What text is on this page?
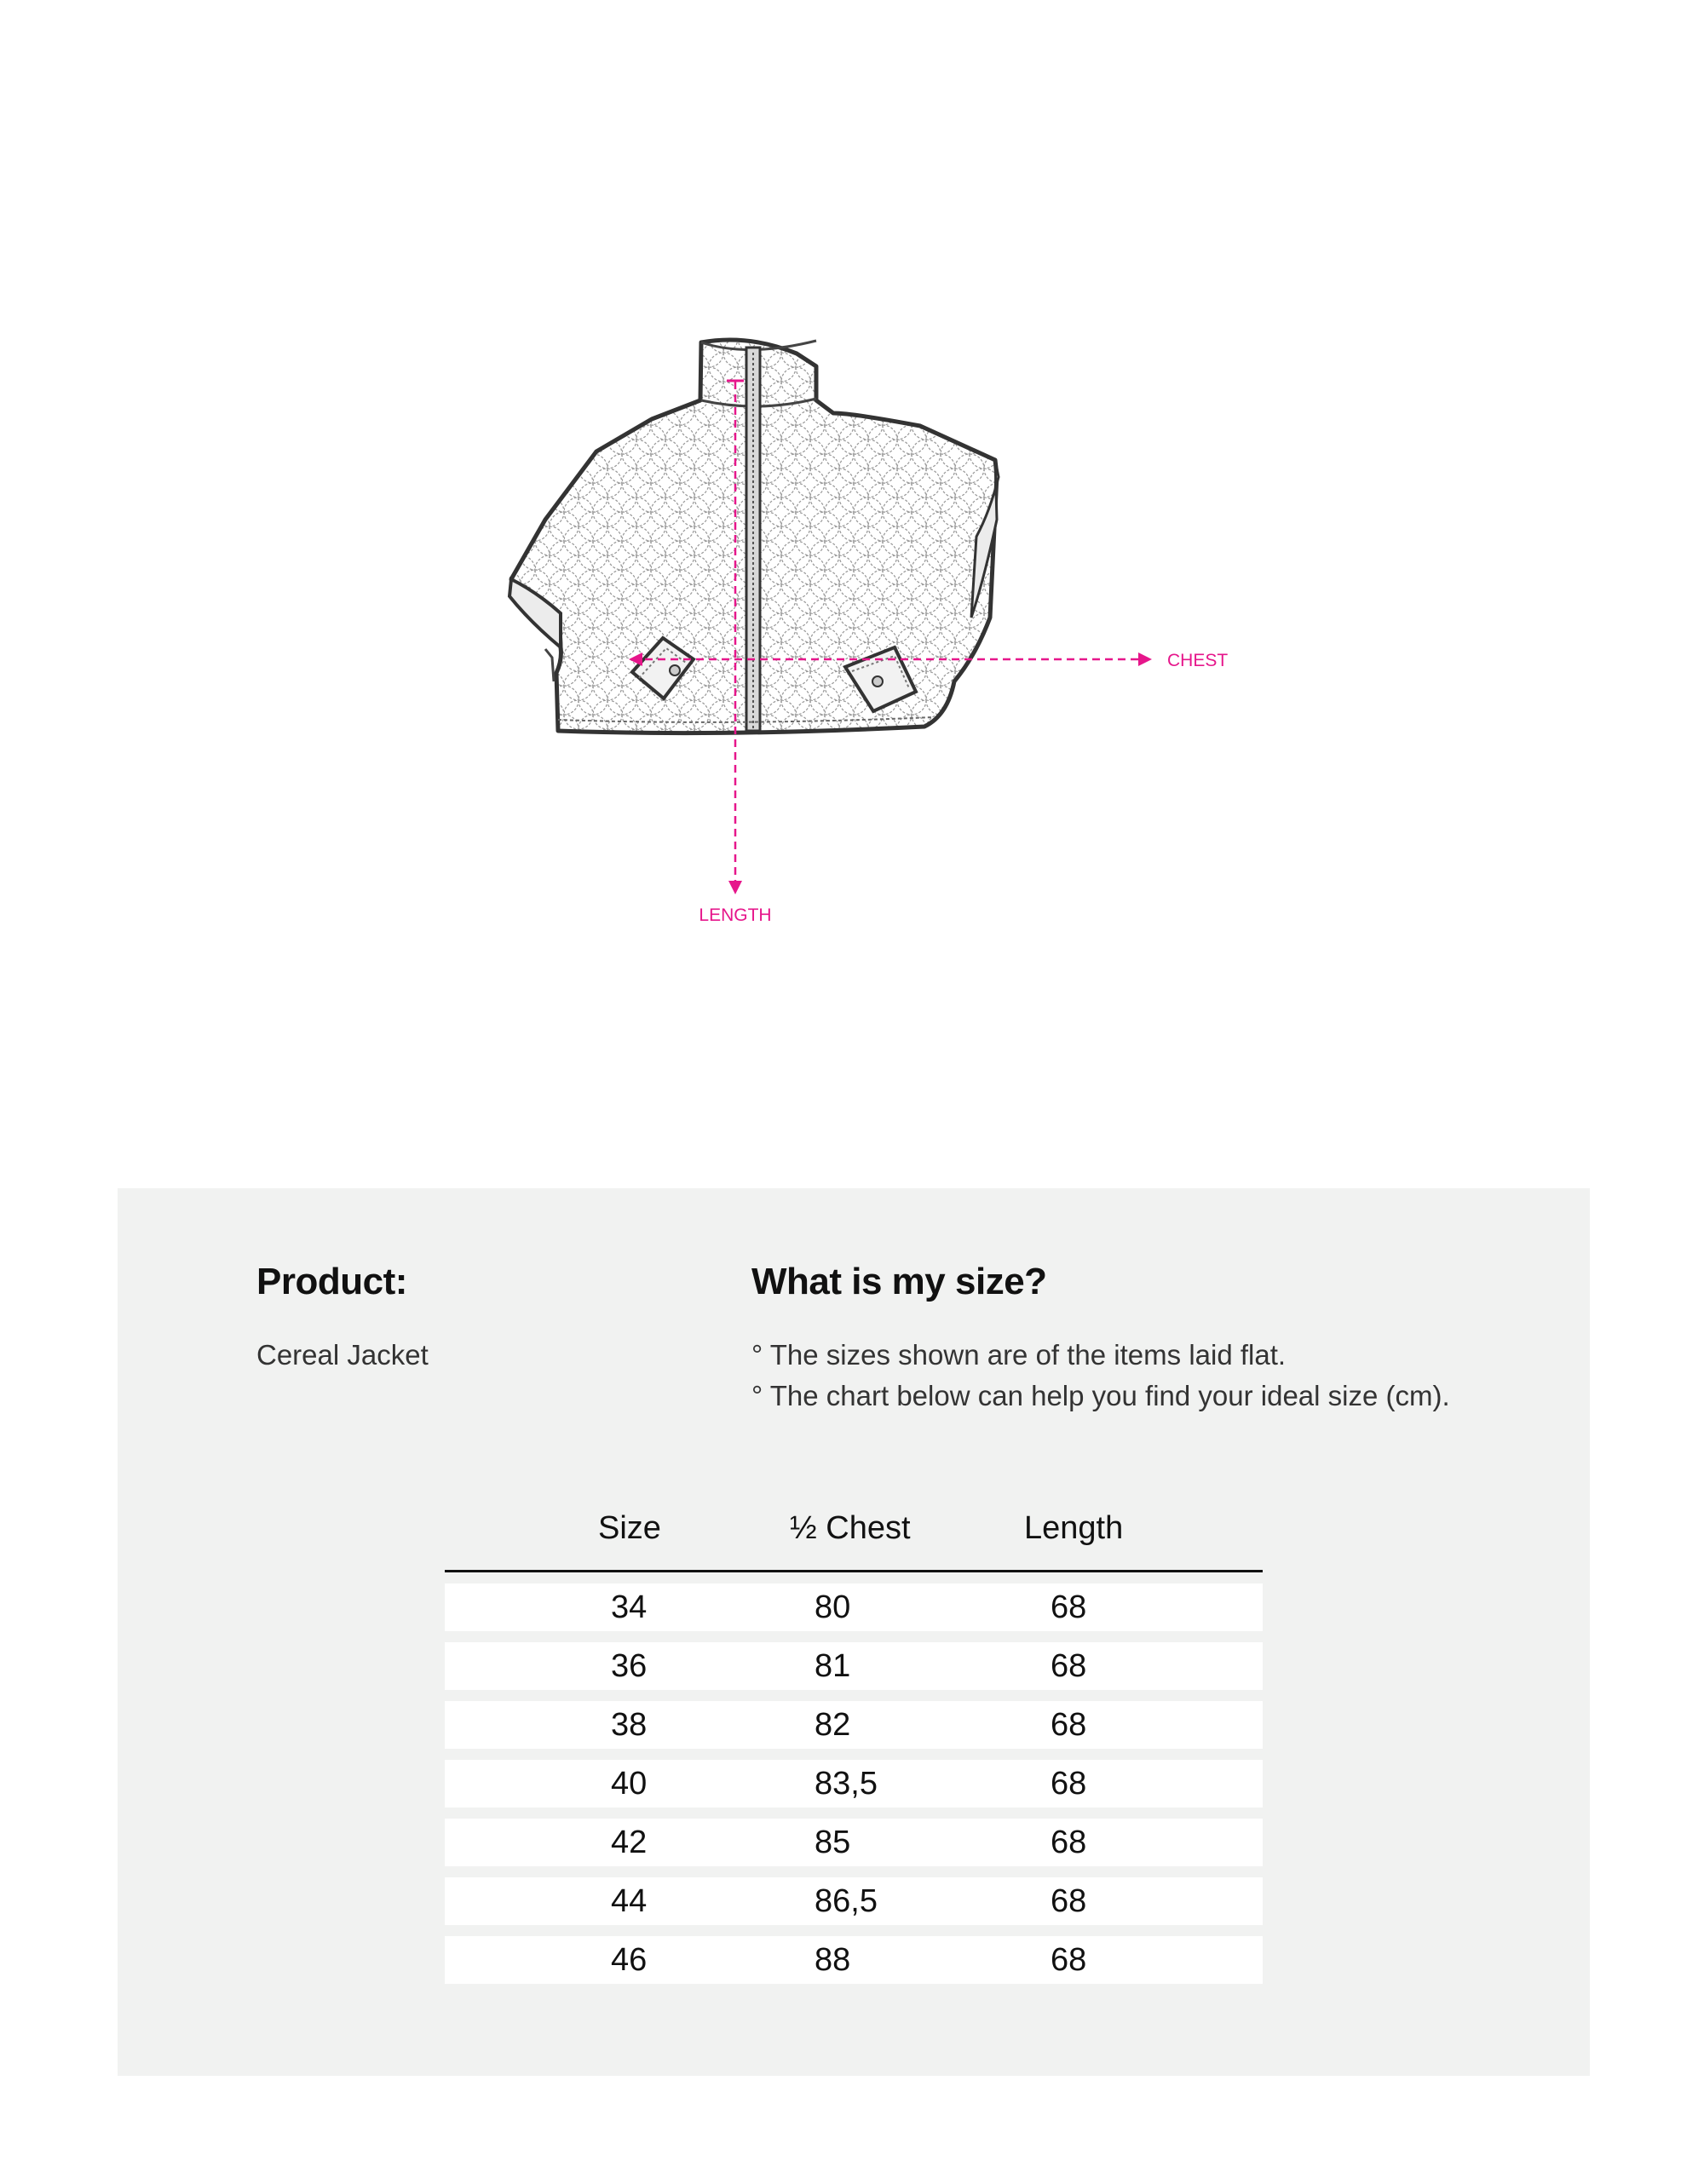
CHEST
LENGTH
Product:
Cereal Jacket
What is my size?
° The sizes shown are of the items laid flat.
° The chart below can help you find your ideal size (cm).
Size	½ Chest	Length
34	80	68
36	81	68
38	82	68
40	83,5	68
42	85	68
44	86,5	68
46	88	68
